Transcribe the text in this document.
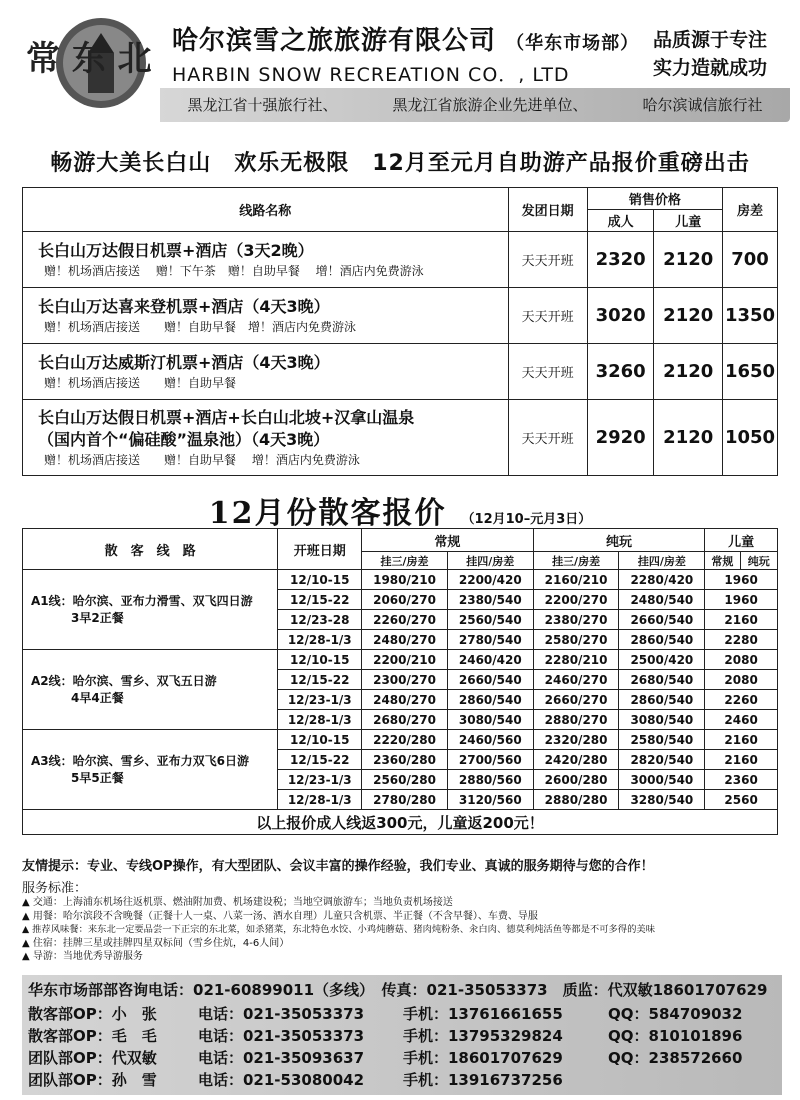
常 东 北 哈尔滨雪之旅旅游有限公司 （华东市场部）
HARBIN SNOW RECREATION CO．, LTD
品质源于专注
实力造就成功
黑龙江省十强旅行社、	黑龙江省旅游企业先进单位、	哈尔滨诚信旅行社
畅游大美长白山　欢乐无极限　12月至元月自助游产品报价重磅出击
线路名称	发团日期	销售价格		房差
		成人	儿童	

长白山万达假日机票+酒店（3天2晚）
赠！机场酒店接送　 赠！下午茶　赠！自助早餐　 增！酒店内免费游泳	天天开班	2320	2120	700

长白山万达喜来登机票+酒店（4天3晚）
赠！机场酒店接送　　赠！自助早餐　增！酒店内免费游泳	天天开班	3020	2120	1350

长白山万达威斯汀机票+酒店（4天3晚）
赠！机场酒店接送　　赠！自助早餐	天天开班	3260	2120	1650

长白山万达假日机票+酒店+长白山北坡+汉拿山温泉
（国内首个“偏硅酸”温泉池）（4天3晚）
赠！机场酒店接送　　赠！自助早餐　 增！酒店内免费游泳	天天开班	2920	2120	1050
12月份散客报价 （12月10–元月3日）
散　客　线　路	开班日期	常规		纯玩		儿童	
		挂三/房差	挂四/房差	挂三/房差	挂四/房差	常规	纯玩

A1线：哈尔滨、亚布力滑雪、双飞四日游
3早2正餐	12/10-15	1980/210	2200/420	2160/210	2280/420	1960	
	12/15-22	2060/270	2380/540	2200/270	2480/540	1960	
	12/23-28	2260/270	2560/540	2380/270	2660/540	2160	
	12/28-1/3	2480/270	2780/540	2580/270	2860/540	2280	

A2线：哈尔滨、雪乡、双飞五日游
4早4正餐	12/10-15	2200/210	2460/420	2280/210	2500/420	2080	
	12/15-22	2300/270	2660/540	2460/270	2680/540	2080	
	12/23-1/3	2480/270	2860/540	2660/270	2860/540	2260	
	12/28-1/3	2680/270	3080/540	2880/270	3080/540	2460	

A3线：哈尔滨、雪乡、亚布力双飞6日游
5早5正餐	12/10-15	2220/280	2460/560	2320/280	2580/540	2160	
	12/15-22	2360/280	2700/560	2420/280	2820/540	2160	
	12/23-1/3	2560/280	2880/560	2600/280	3000/540	2360	
	12/28-1/3	2780/280	3120/560	2880/280	3280/540	2560	
以上报价成人线返300元，儿童返200元！							
友情提示：专业、专线OP操作，有大型团队、会议丰富的操作经验，我们专业、真诚的服务期待与您的合作！
服务标准：
▲ 交通：上海浦东机场往返机票、燃油附加费、机场建设税；当地空调旅游车；当地负责机场接送
▲ 用餐：哈尔滨段不含晚餐（正餐十人一桌、八菜一汤、酒水自理）儿童只含机票、半正餐（不含早餐）、车费、导服
▲ 推荐风味餐：来东北一定要品尝一下正宗的东北菜，如杀猪菜，东北特色水饺、小鸡炖蘑菇、猪肉炖粉条、汆白肉、德莫利炖活鱼等都是不可多得的美味
▲ 住宿：挂牌三星或挂牌四星双标间（雪乡住炕，4-6人间）
▲ 导游：当地优秀导游服务
华东市场部部咨询电话：021-60899011（多线）　传真：021-35053373　质监：代双敏18601707629
散客部OP：小　张	电话：021-35053373	手机：13761661655	QQ：584709032
散客部OP：毛　毛	电话：021-35053373	手机：13795329824	QQ：810101896
团队部OP：代双敏	电话：021-35093637	手机：18601707629	QQ：238572660
团队部OP：孙　雪	电话：021-53080042	手机：13916737256
